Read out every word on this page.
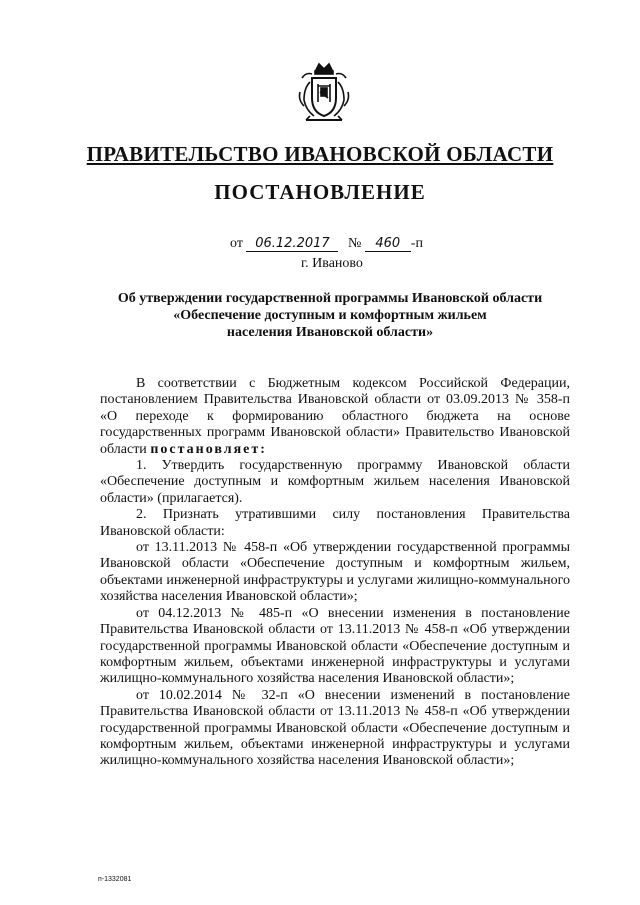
ПРАВИТЕЛЬСТВО ИВАНОВСКОЙ ОБЛАСТИ
ПОСТАНОВЛЕНИЕ
от 06.12.2017 № 460 -п
г. Иваново
Об утверждении государственной программы Ивановской области
«Обеспечение доступным и комфортным жильем
населения Ивановской области»

В соответствии с Бюджетным кодексом Российской Федерации, постановлением Правительства Ивановской области от 03.09.2013 № 358-п «О переходе к формированию областного бюджета на основе государственных программ Ивановской области» Правительство Ивановской области постановляет:

1. Утвердить государственную программу Ивановской области «Обеспечение доступным и комфортным жильем населения Ивановской области» (прилагается).

2. Признать утратившими силу постановления Правительства Ивановской области:

от 13.11.2013 № 458-п «Об утверждении государственной программы Ивановской области «Обеспечение доступным и комфортным жильем, объектами инженерной инфраструктуры и услугами жилищно-коммунального хозяйства населения Ивановской области»;

от 04.12.2013 № 485-п «О внесении изменения в постановление Правительства Ивановской области от 13.11.2013 № 458-п «Об утверждении государственной программы Ивановской области «Обеспечение доступным и комфортным жильем, объектами инженерной инфраструктуры и услугами жилищно-коммунального хозяйства населения Ивановской области»;

от 10.02.2014 № 32-п «О внесении изменений в постановление Правительства Ивановской области от 13.11.2013 № 458-п «Об утверждении государственной программы Ивановской области «Обеспечение доступным и комфортным жильем, объектами инженерной инфраструктуры и услугами жилищно-коммунального хозяйства населения Ивановской области»;

п-1332081
